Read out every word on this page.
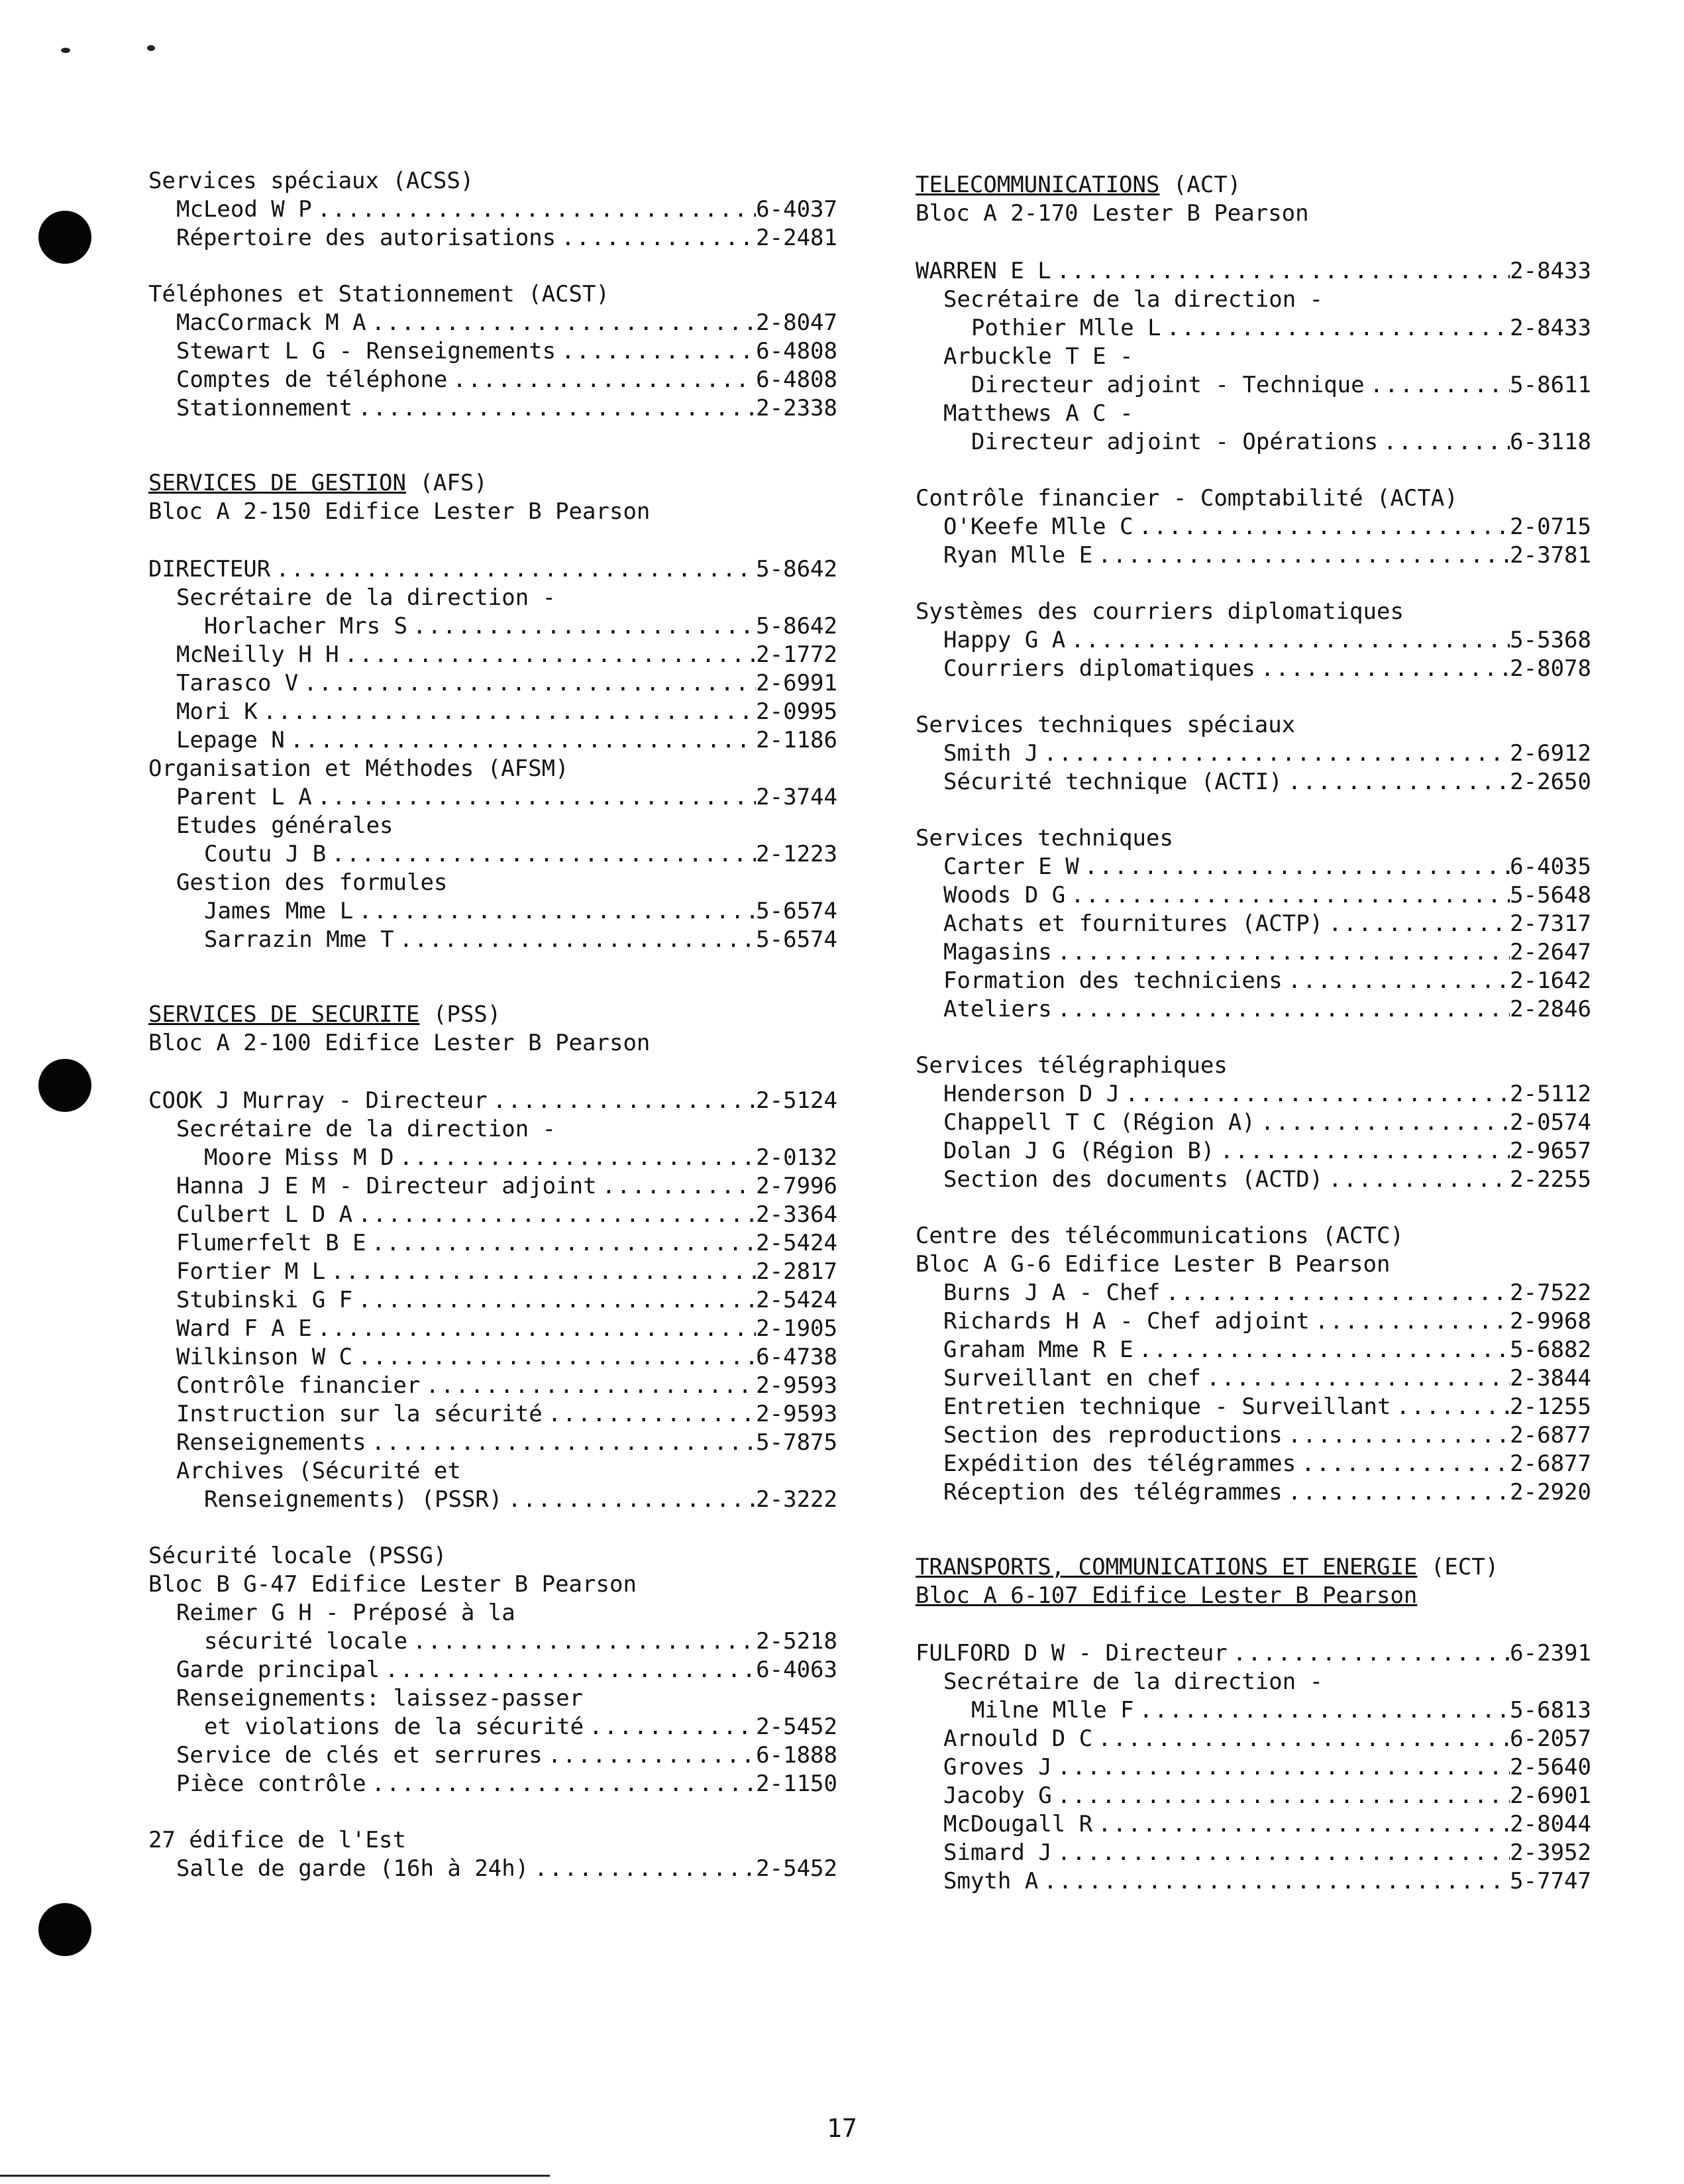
Services spéciaux (ACSS)
McLeod W P .....	6-4037
Répertoire des autorisations .....	2-2481
Téléphones et Stationnement (ACST)
MacCormack M A .....	2-8047
Stewart L G - Renseignements .....	6-4808
Comptes de téléphone .....	6-4808
Stationnement .....	2-2338
SERVICES DE GESTION (AFS)
Bloc A 2-150 Edifice Lester B Pearson
DIRECTEUR .....	5-8642
Secrétaire de la direction -
Horlacher Mrs S .....	5-8642
McNeilly H H .....	2-1772
Tarasco V .....	2-6991
Mori K .....	2-0995
Lepage N .....	2-1186
Organisation et Méthodes (AFSM)
Parent L A .....	2-3744
Etudes générales
Coutu J B .....	2-1223
Gestion des formules
James Mme L .....	5-6574
Sarrazin Mme T .....	5-6574
SERVICES DE SECURITE (PSS)
Bloc A 2-100 Edifice Lester B Pearson
COOK J Murray - Directeur .....	2-5124
Secrétaire de la direction -
Moore Miss M D .....	2-0132
Hanna J E M - Directeur adjoint .....	2-7996
Culbert L D A .....	2-3364
Flumerfelt B E .....	2-5424
Fortier M L .....	2-2817
Stubinski G F .....	2-5424
Ward F A E .....	2-1905
Wilkinson W C .....	6-4738
Contrôle financier .....	2-9593
Instruction sur la sécurité .....	2-9593
Renseignements .....	5-7875
Archives (Sécurité et
Renseignements) (PSSR) .....	2-3222
Sécurité locale (PSSG)
Bloc B G-47 Edifice Lester B Pearson
Reimer G H - Préposé à la
sécurité locale .....	2-5218
Garde principal .....	6-4063
Renseignements: laissez-passer
et violations de la sécurité .....	2-5452
Service de clés et serrures .....	6-1888
Pièce contrôle .....	2-1150
27 édifice de l'Est
Salle de garde (16h à 24h) .....	2-5452
TELECOMMUNICATIONS (ACT)
Bloc A 2-170 Lester B Pearson
WARREN E L .....	2-8433
Secrétaire de la direction -
Pothier Mlle L .....	2-8433
Arbuckle T E -
Directeur adjoint - Technique .....	5-8611
Matthews A C -
Directeur adjoint - Opérations .....	6-3118
Contrôle financier - Comptabilité (ACTA)
O'Keefe Mlle C .....	2-0715
Ryan Mlle E .....	2-3781
Systèmes des courriers diplomatiques
Happy G A .....	5-5368
Courriers diplomatiques .....	2-8078
Services techniques spéciaux
Smith J .....	2-6912
Sécurité technique (ACTI) .....	2-2650
Services techniques
Carter E W .....	6-4035
Woods D G .....	5-5648
Achats et fournitures (ACTP) .....	2-7317
Magasins .....	2-2647
Formation des techniciens .....	2-1642
Ateliers .....	2-2846
Services télégraphiques
Henderson D J .....	2-5112
Chappell T C (Région A) .....	2-0574
Dolan J G (Région B) .....	2-9657
Section des documents (ACTD) .....	2-2255
Centre des télécommunications (ACTC)
Bloc A G-6 Edifice Lester B Pearson
Burns J A - Chef .....	2-7522
Richards H A - Chef adjoint .....	2-9968
Graham Mme R E .....	5-6882
Surveillant en chef .....	2-3844
Entretien technique - Surveillant .....	2-1255
Section des reproductions .....	2-6877
Expédition des télégrammes .....	2-6877
Réception des télégrammes .....	2-2920
TRANSPORTS, COMMUNICATIONS ET ENERGIE (ECT)
Bloc A 6-107 Edifice Lester B Pearson
FULFORD D W - Directeur .....	6-2391
Secrétaire de la direction -
Milne Mlle F .....	5-6813
Arnould D C .....	6-2057
Groves J .....	2-5640
Jacoby G .....	2-6901
McDougall R .....	2-8044
Simard J .....	2-3952
Smyth A .....	5-7747
17
